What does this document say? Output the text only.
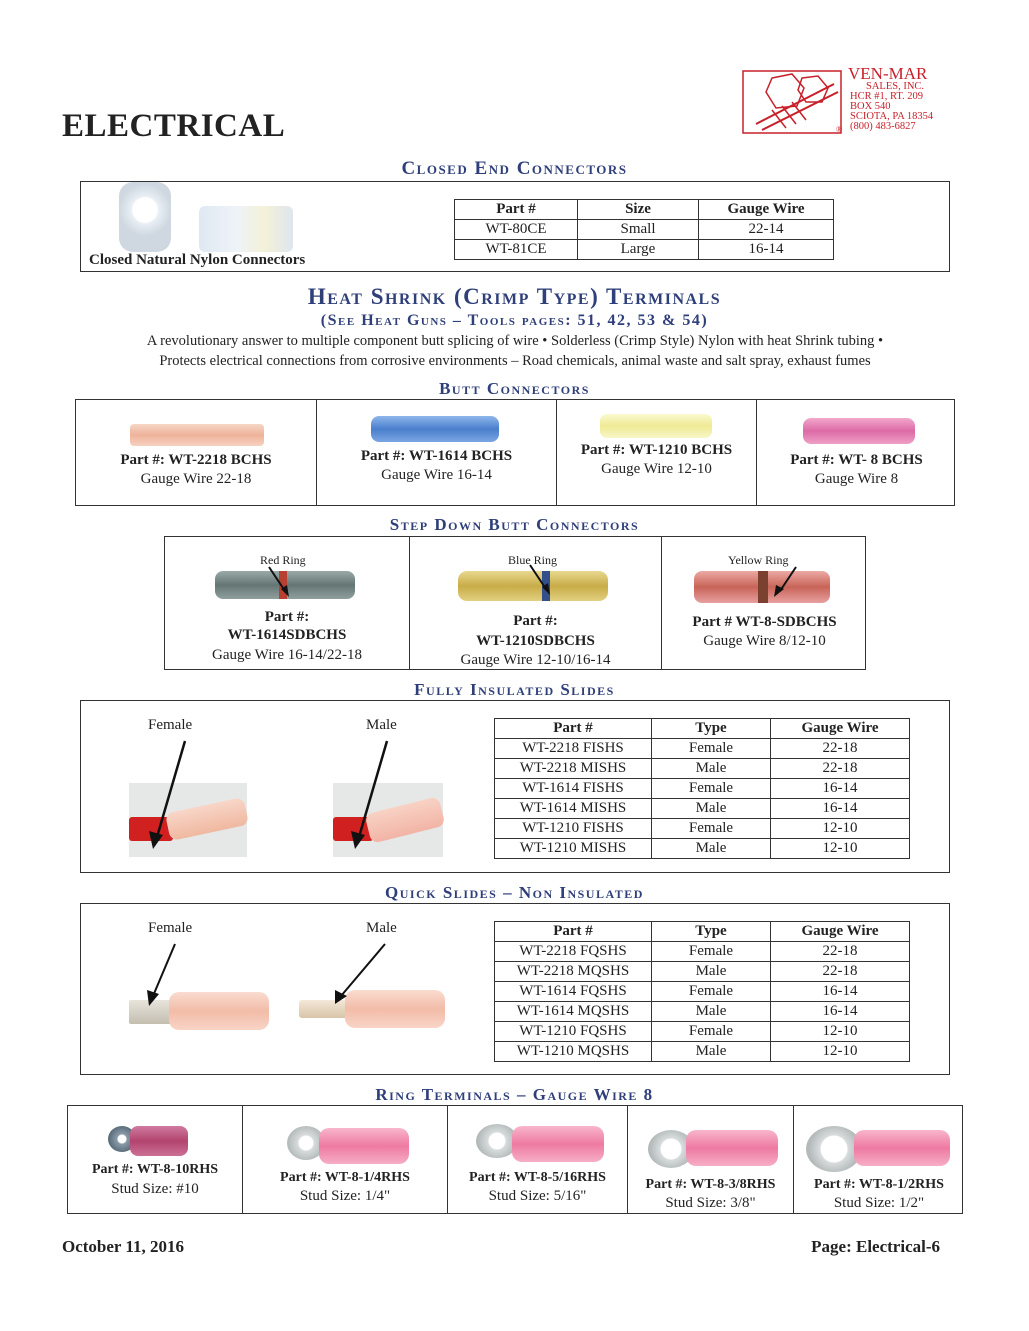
®
VEN-MAR
SALES, INC.
HCR #1, RT. 209
BOX 540
SCIOTA, PA 18354
(800) 483-6827
ELECTRICAL
Closed End Connectors
Closed Natural Nylon Connectors
Part #	Size	Gauge Wire
WT-80CE	Small	22-14
WT-81CE	Large	16-14
Heat Shrink (Crimp Type) Terminals
(See Heat Guns – Tools pages: 51, 42, 53 & 54)
A revolutionary answer to multiple component butt splicing of wire • Solderless (Crimp Style) Nylon with heat Shrink tubing •
Protects electrical connections from corrosive environments – Road chemicals, animal waste and salt spray, exhaust fumes
Butt Connectors
Part #: WT-2218 BCHS
Gauge Wire 22-18
Part #: WT-1614 BCHS
Gauge Wire 16-14
Part #: WT-1210 BCHS
Gauge Wire 12-10
Part #: WT- 8 BCHS
Gauge Wire 8
Step Down Butt Connectors
Red Ring
Part #:
WT-1614SDBCHS
Gauge Wire 16-14/22-18
Blue Ring
Part #:
WT-1210SDBCHS
Gauge Wire 12-10/16-14
Yellow Ring
Part # WT-8-SDBCHS
Gauge Wire 8/12-10
Fully Insulated Slides
Female	Male	Part #	Type	Gauge Wire
WT-2218 FISHS	Female	22-18
WT-2218 MISHS	Male	22-18
WT-1614 FISHS	Female	16-14
WT-1614 MISHS	Male	16-14
WT-1210 FISHS	Female	12-10
WT-1210 MISHS	Male	12-10
Quick Slides – Non Insulated
Female	Male	Part #	Type	Gauge Wire
WT-2218 FQSHS	Female	22-18
WT-2218 MQSHS	Male	22-18
WT-1614 FQSHS	Female	16-14
WT-1614 MQSHS	Male	16-14
WT-1210 FQSHS	Female	12-10
WT-1210 MQSHS	Male	12-10
Ring Terminals – Gauge Wire 8
Part #: WT-8-10RHS
Stud Size: #10
Part #: WT-8-1/4RHS
Stud Size: 1/4"
Part #: WT-8-5/16RHS
Stud Size: 5/16"
Part #: WT-8-3/8RHS
Stud Size: 3/8"
Part #: WT-8-1/2RHS
Stud Size: 1/2"
October 11, 2016	Page: Electrical-6
